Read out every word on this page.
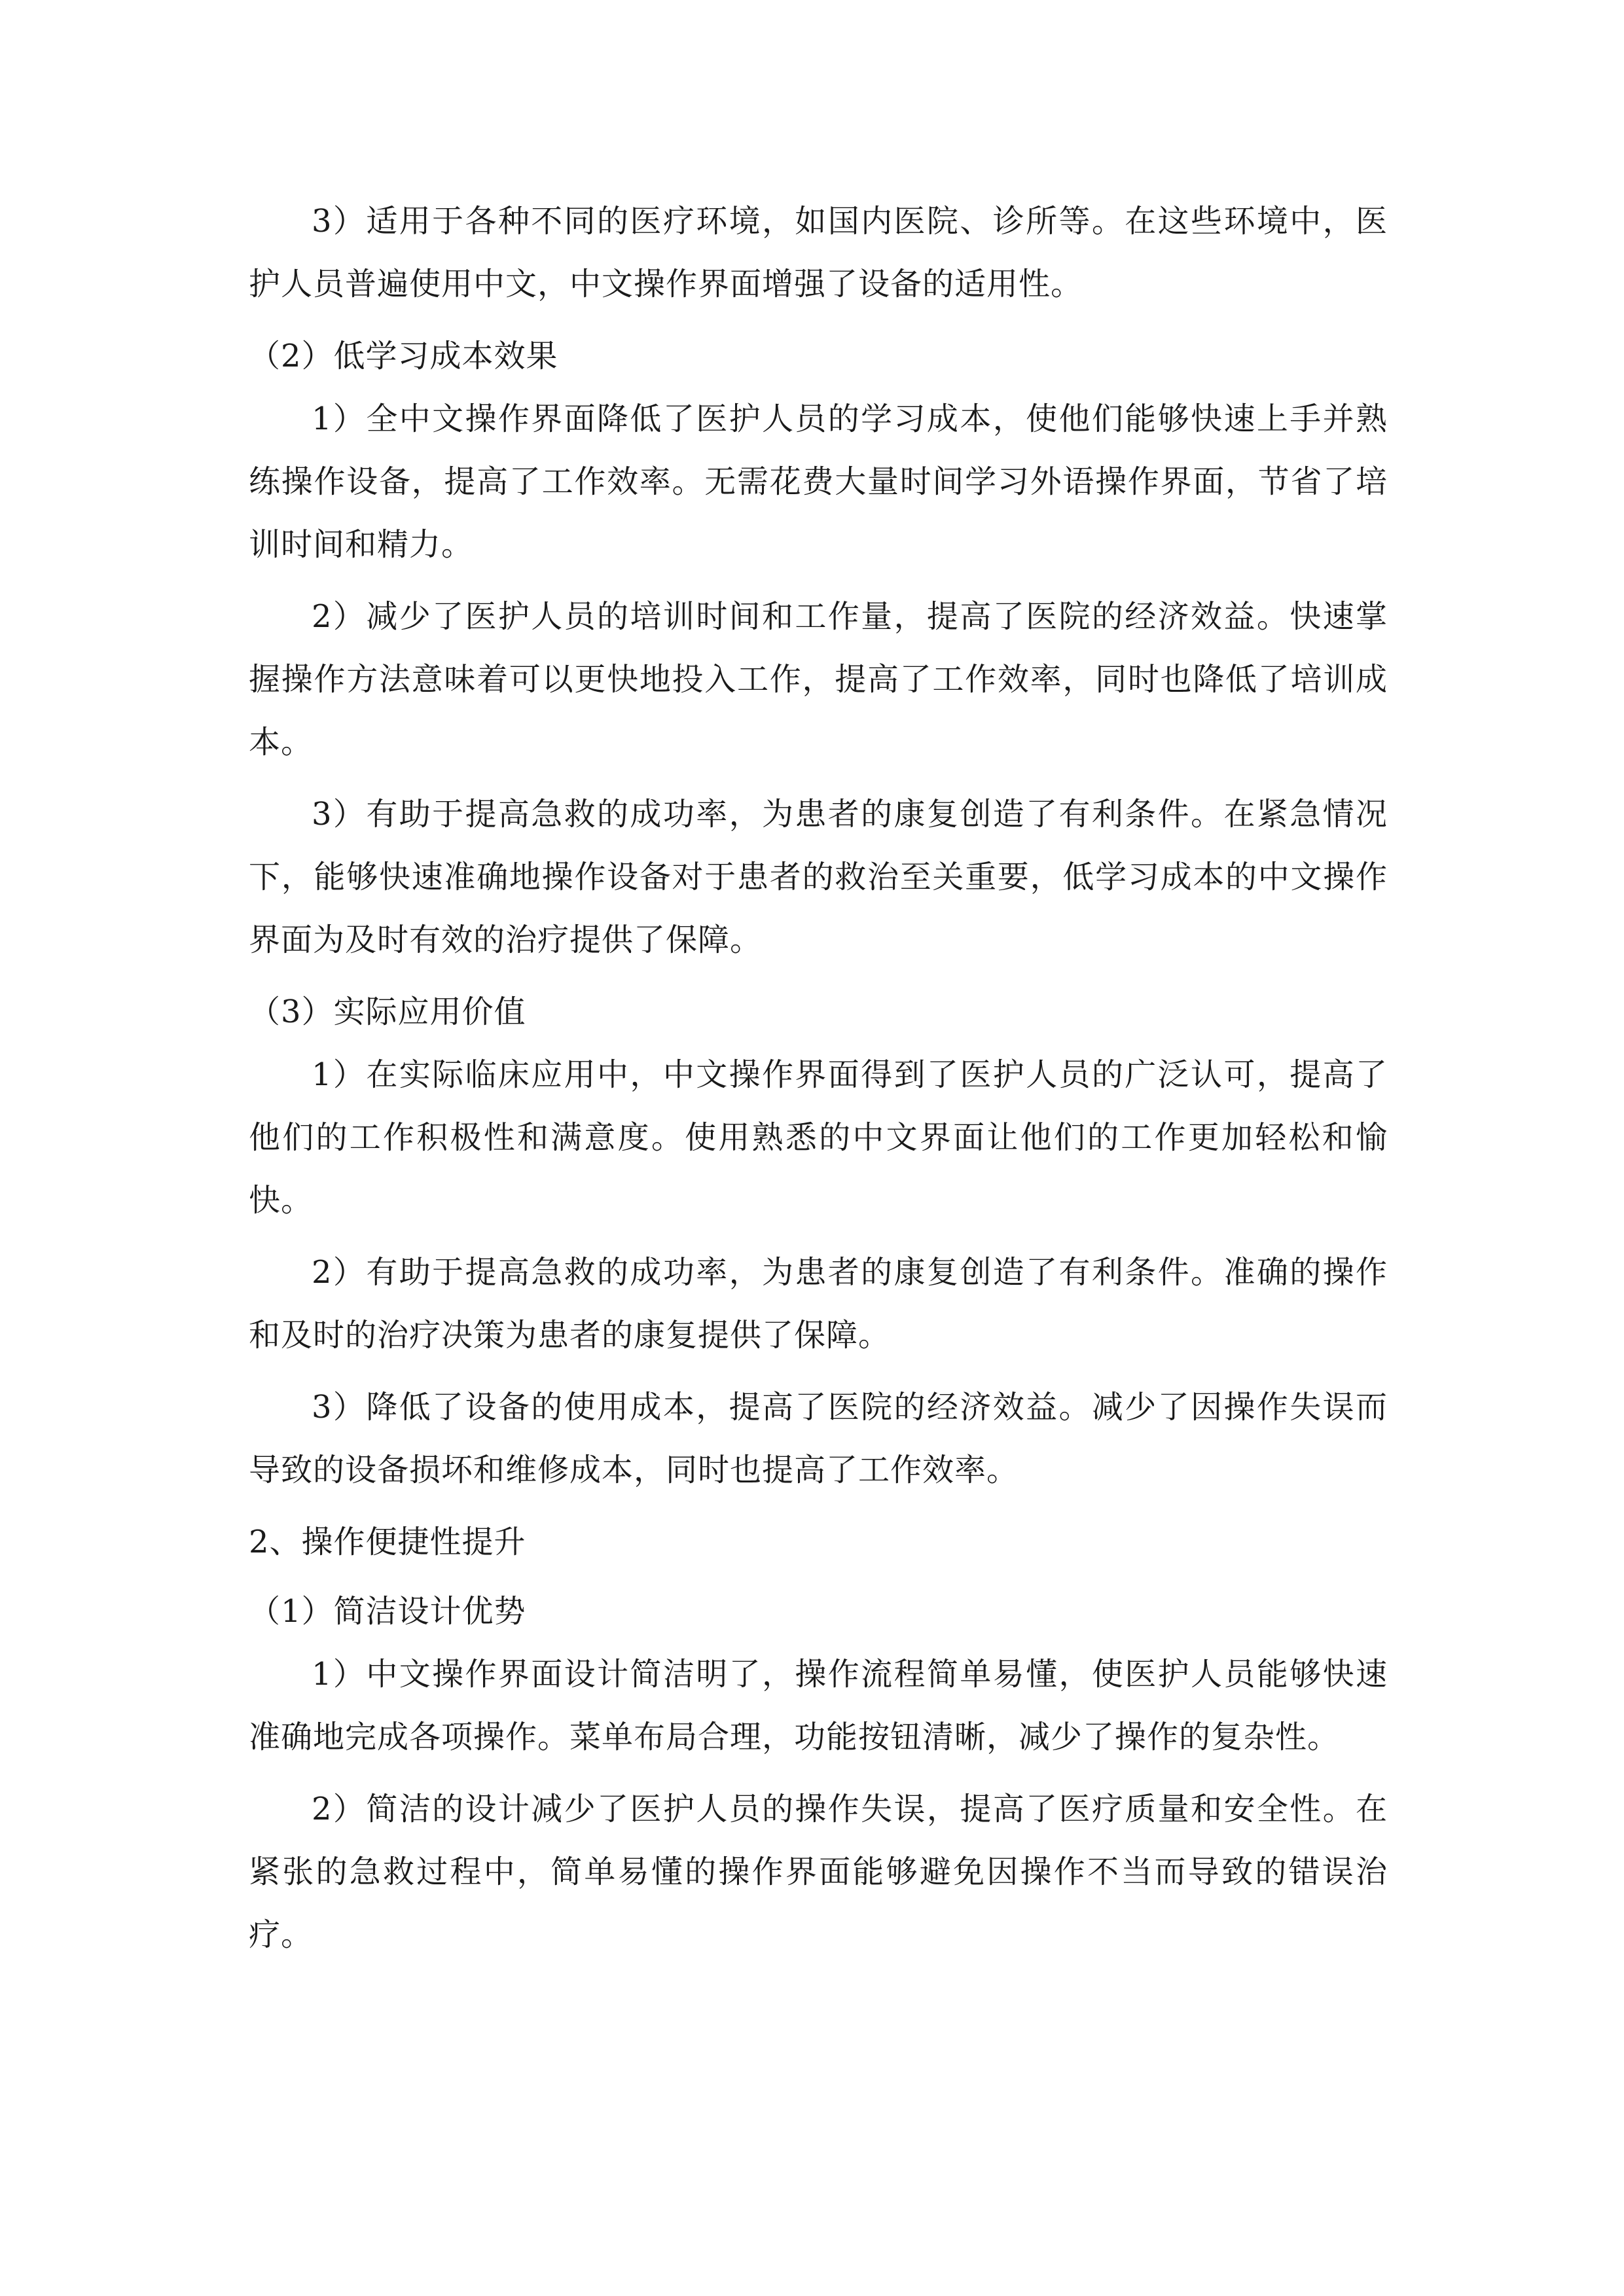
3）适用于各种不同的医疗环境，如国内医院、诊所等。在这些环境中，医护人员普遍使用中文，中文操作界面增强了设备的适用性。

（2）低学习成本效果

1）全中文操作界面降低了医护人员的学习成本，使他们能够快速上手并熟练操作设备，提高了工作效率。无需花费大量时间学习外语操作界面，节省了培训时间和精力。

2）减少了医护人员的培训时间和工作量，提高了医院的经济效益。快速掌握操作方法意味着可以更快地投入工作，提高了工作效率，同时也降低了培训成本。

3）有助于提高急救的成功率，为患者的康复创造了有利条件。在紧急情况下，能够快速准确地操作设备对于患者的救治至关重要，低学习成本的中文操作界面为及时有效的治疗提供了保障。

（3）实际应用价值

1）在实际临床应用中，中文操作界面得到了医护人员的广泛认可，提高了他们的工作积极性和满意度。使用熟悉的中文界面让他们的工作更加轻松和愉快。

2）有助于提高急救的成功率，为患者的康复创造了有利条件。准确的操作和及时的治疗决策为患者的康复提供了保障。

3）降低了设备的使用成本，提高了医院的经济效益。减少了因操作失误而导致的设备损坏和维修成本，同时也提高了工作效率。

2、操作便捷性提升

（1）简洁设计优势

1）中文操作界面设计简洁明了，操作流程简单易懂，使医护人员能够快速准确地完成各项操作。菜单布局合理，功能按钮清晰，减少了操作的复杂性。

2）简洁的设计减少了医护人员的操作失误，提高了医疗质量和安全性。在紧张的急救过程中，简单易懂的操作界面能够避免因操作不当而导致的错误治疗。
